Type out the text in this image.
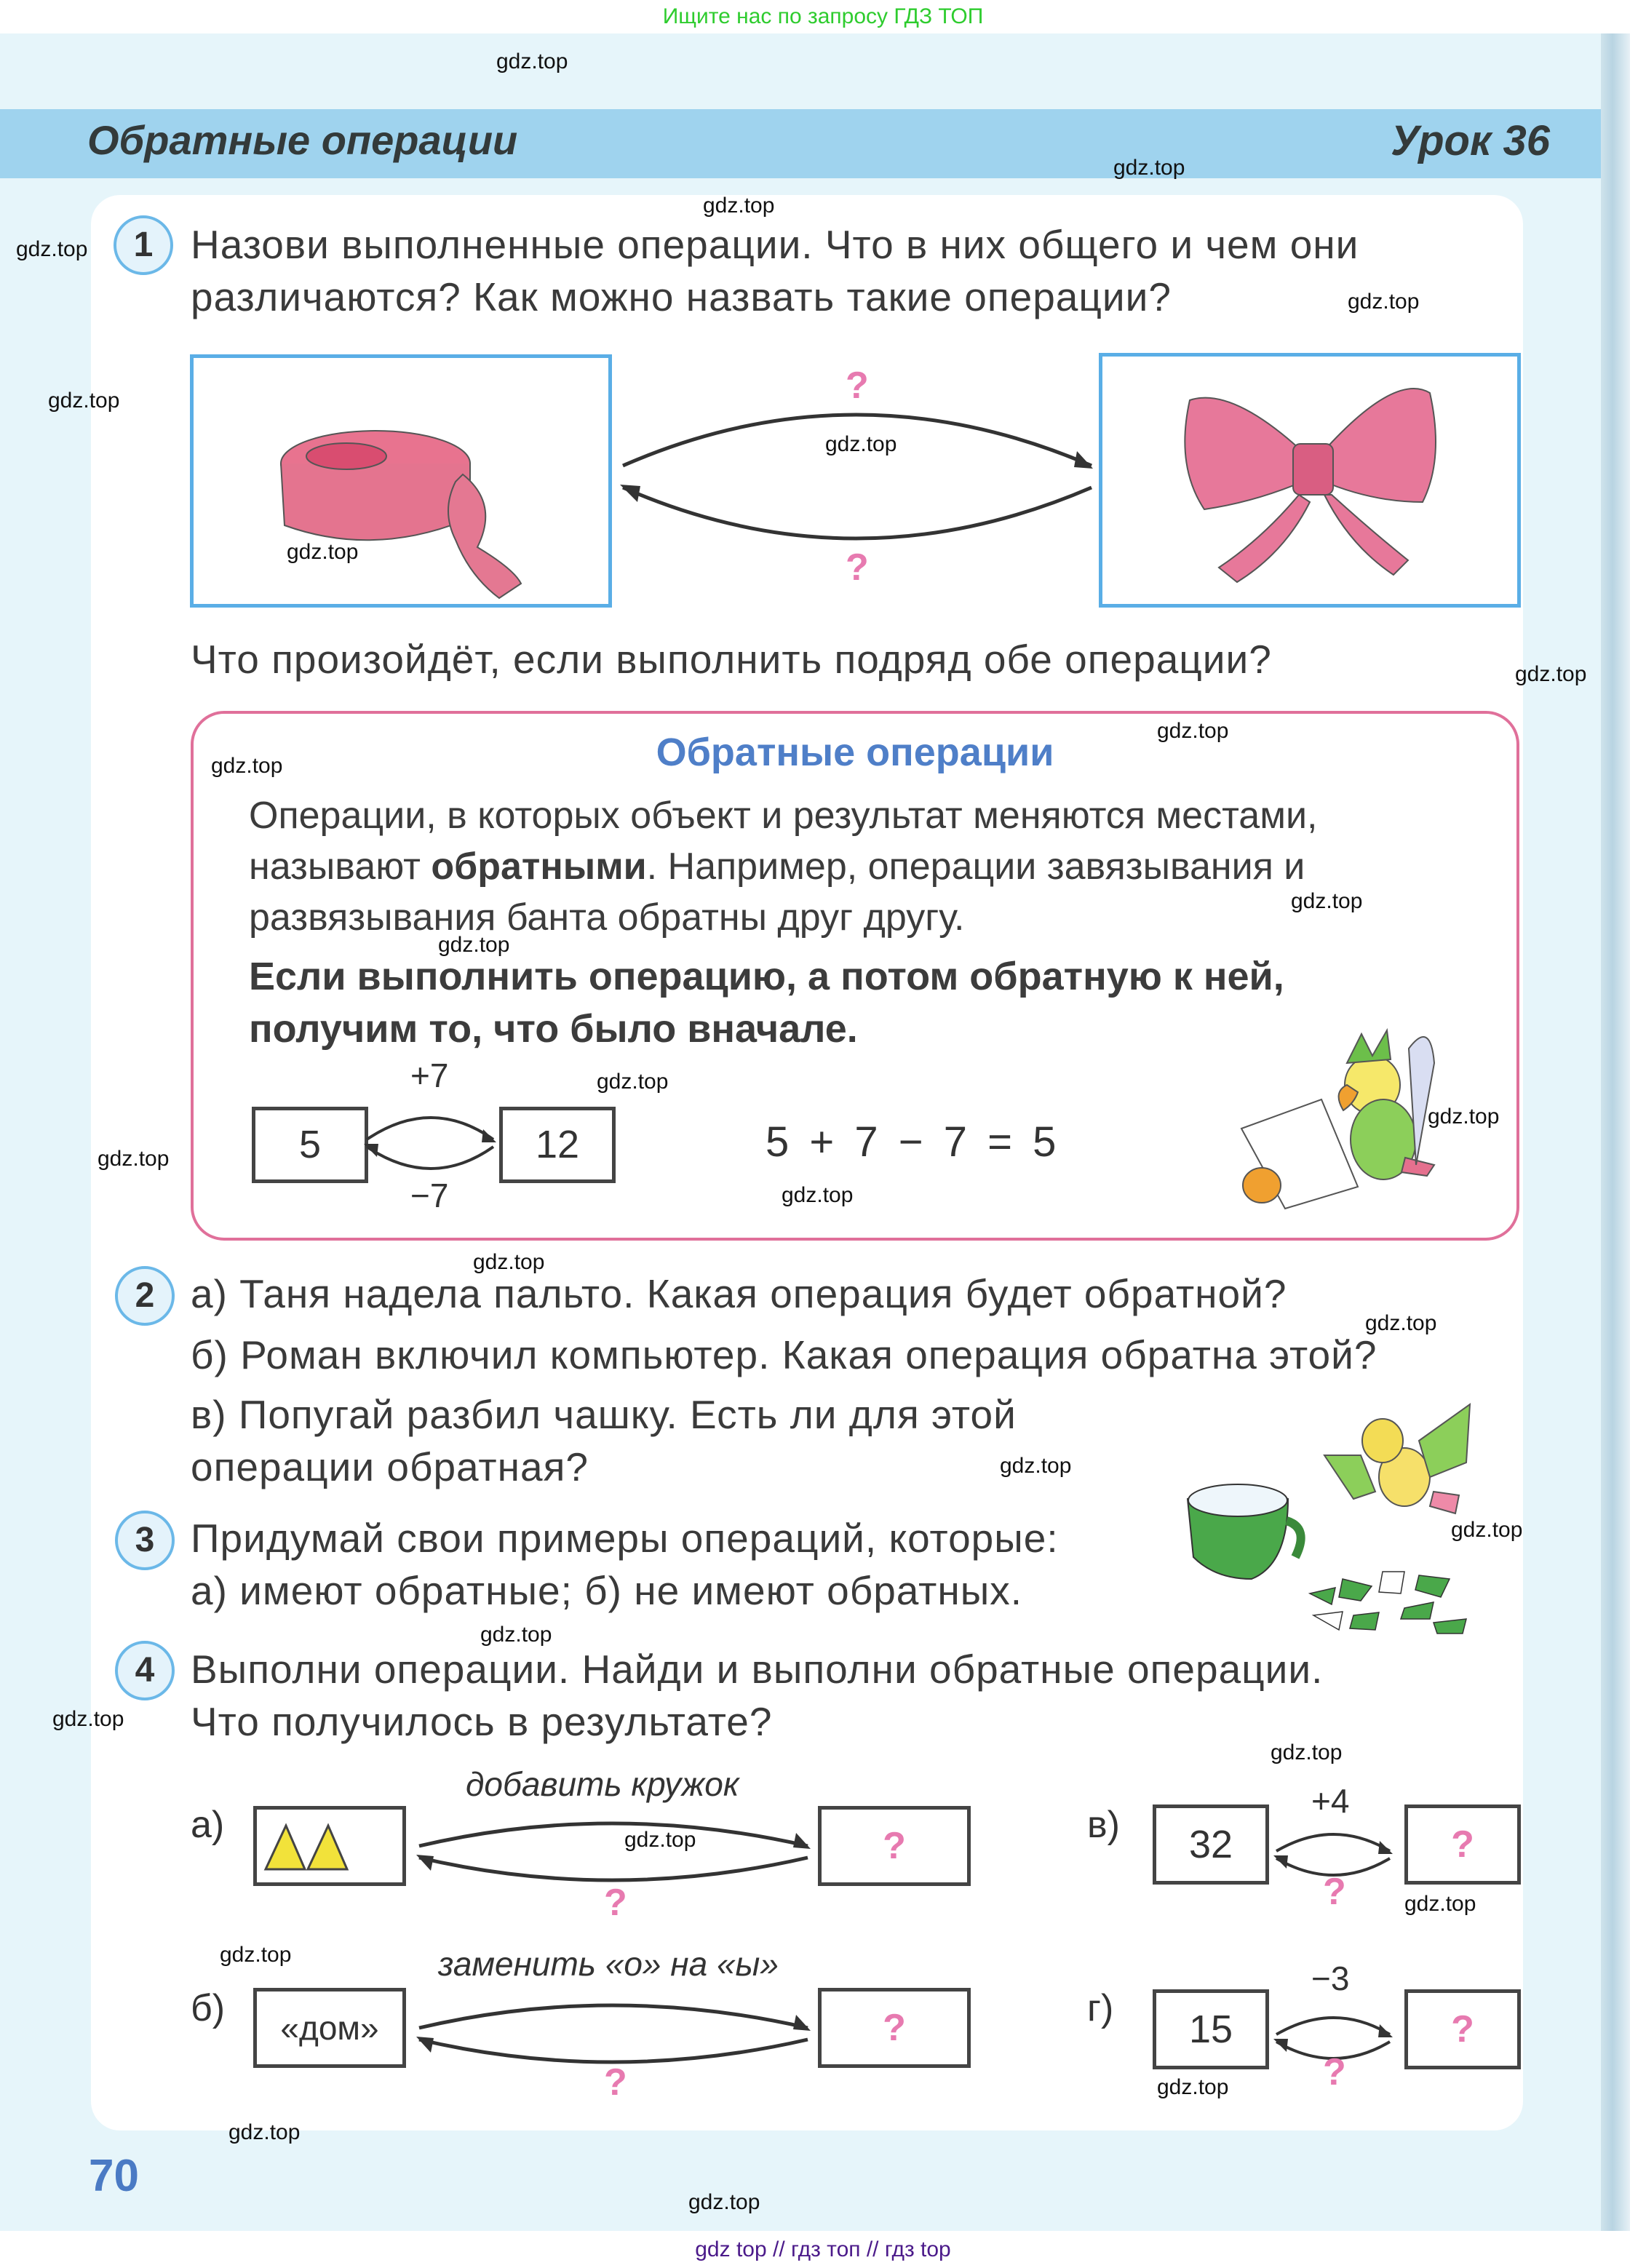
Ищите нас по запросу ГДЗ ТОП
Обратные операции	Урок 36
1 Назови выполненные операции. Что в них общего и чем они
различаются? Как можно назвать такие операции?
?
?
Что произойдёт, если выполнить подряд обе операции?
Обратные операции
Операции, в которых объект и результат меняются местами,
называют обратными. Например, операции завязывания и
развязывания банта обратны друг другу.
Если выполнить операцию, а потом обратную к ней,
получим то, что было вначале.
5	12
+7
−7
5 + 7 − 7 = 5
2 а) Таня надела пальто. Какая операция будет обратной?
б) Роман включил компьютер. Какая операция обратна этой?
в) Попугай разбил чашку. Есть ли для этой
операции обратная?
3 Придумай свои примеры операций, которые:
а) имеют обратные; б) не имеют обратных.
4 Выполни операции. Найди и выполни обратные операции.
Что получилось в результате?
а)
добавить кружок
?
?
б)	«дом»
заменить «о» на «ы»
?
?
в)	32
+4
?
?
г)	15
−3
?
?
gdz.top
gdz.top
gdz.top
gdz.top
gdz.top
gdz.top
gdz.top
gdz.top
gdz.top
gdz.top
gdz.top
gdz.top
gdz.top
gdz.top
gdz.top
gdz.top
gdz.top
gdz.top
gdz.top
gdz.top
gdz.top
gdz.top
gdz.top
gdz.top
gdz.top
gdz.top
gdz.top
gdz.top
gdz.top
gdz.top
70
gdz top // гдз топ // гдз top
